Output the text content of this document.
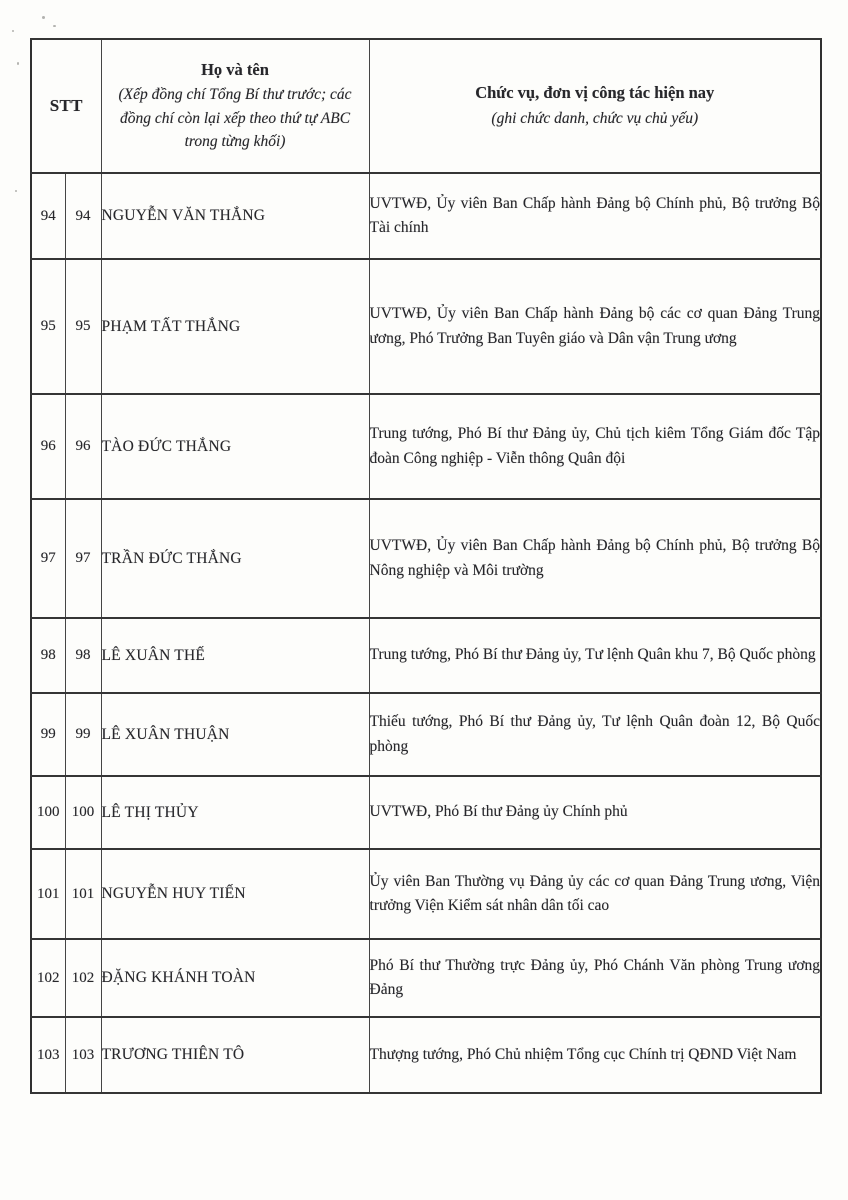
STT	
Họ và tên
(Xếp đồng chí Tổng Bí thư trước; các đồng chí còn lại xếp theo thứ tự ABC trong từng khối)

Chức vụ, đơn vị công tác hiện nay
(ghi chức danh, chức vụ chủ yếu)

94	94	NGUYỄN VĂN THẮNG	UVTWĐ, Ủy viên Ban Chấp hành Đảng bộ Chính phủ, Bộ trưởng Bộ Tài chính
95	95	PHẠM TẤT THẮNG	UVTWĐ, Ủy viên Ban Chấp hành Đảng bộ các cơ quan Đảng Trung ương, Phó Trưởng Ban Tuyên giáo và Dân vận Trung ương
96	96	TÀO ĐỨC THẮNG	Trung tướng, Phó Bí thư Đảng ủy, Chủ tịch kiêm Tổng Giám đốc Tập đoàn Công nghiệp - Viễn thông Quân đội
97	97	TRẦN ĐỨC THẮNG	UVTWĐ, Ủy viên Ban Chấp hành Đảng bộ Chính phủ, Bộ trưởng Bộ Nông nghiệp và Môi trường
98	98	LÊ XUÂN THẾ	Trung tướng, Phó Bí thư Đảng ủy, Tư lệnh Quân khu 7, Bộ Quốc phòng
99	99	LÊ XUÂN THUẬN	Thiếu tướng, Phó Bí thư Đảng ủy, Tư lệnh Quân đoàn 12, Bộ Quốc phòng
100	100	LÊ THỊ THỦY	UVTWĐ, Phó Bí thư Đảng ủy Chính phủ
101	101	NGUYỄN HUY TIẾN	Ủy viên Ban Thường vụ Đảng ủy các cơ quan Đảng Trung ương, Viện trưởng Viện Kiểm sát nhân dân tối cao
102	102	ĐẶNG KHÁNH TOÀN	Phó Bí thư Thường trực Đảng ủy, Phó Chánh Văn phòng Trung ương Đảng
103	103	TRƯƠNG THIÊN TÔ	Thượng tướng, Phó Chủ nhiệm Tổng cục Chính trị QĐND Việt Nam
